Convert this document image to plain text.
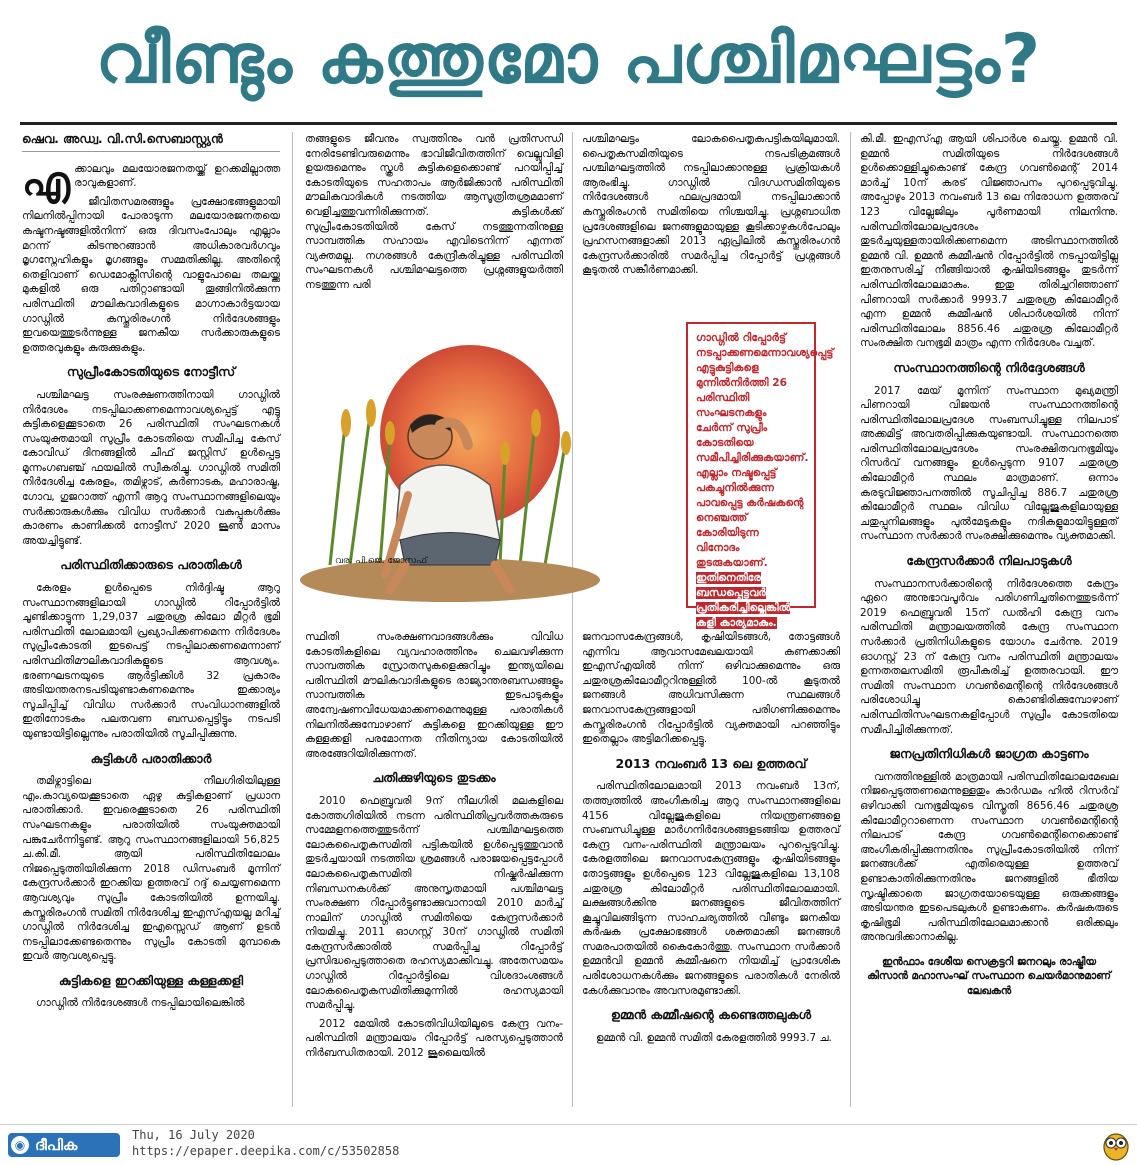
വീണ്ടും കത്തുമോ പശ്ചിമഘട്ടം?
ഷെവ. അഡ്വ. വി.സി.സെബാസ്റ്റ്യൻ
എ ക്കാലവും മലയോരജനതയ്ക്ക് ഉറക്കമില്ലാത്ത രാവുകളാണ്.

ജീവിതസമരങ്ങളും പ്രക്ഷോഭങ്ങളുമായി നിലനിൽപ്പിനായി പോരാടുന്ന മലയോരജനതയെ കഷ്ടനഷ്ടങ്ങളിൽനിന്ന് ഒരു ദിവസംപോലും എല്ലാം മറന്ന് കിടന്നുറങ്ങാൻ അധികാരവർഗവും മൃഗസ്നേഹികളും മൃഗങ്ങളും സമ്മതിക്കില്ല. അതിന്റെ തെളിവാണ് ഡെമോക്ലീസിന്റെ വാളുപോലെ തലയ്ക്കു മുകളിൽ ഒരു പതിറ്റാണ്ടായി തൂങ്ങിനിൽക്കുന്ന പരിസ്ഥിതി മൗലികവാദികളുടെ മാഗ്നാകാർട്ടയായ ഗാഡ്ഗിൽ കസ്തൂരിരംഗൻ നിർദേശങ്ങളും ഇവയെത്തുടർന്നുള്ള ജനകീയ സർക്കാരുകളുടെ ഉത്തരവുകളും കുരുക്കുകളും.

സുപ്രീംകോടതിയുടെ നോട്ടീസ്

പശ്ചിമഘട്ട സംരക്ഷണത്തിനായി ഗാഡ്ഗിൽ നിർദേശം നടപ്പിലാക്കണമെന്നാവശ്യപ്പെട്ട് എട്ടു കുട്ടികളെക്കൂടാതെ 26 പരിസ്ഥിതി സംഘടനകൾ സംയുക്തമായി സുപ്രീം കോടതിയെ സമീപിച്ച കേസ് കോവിഡ് ദിനങ്ങളിൽ ചീഫ് ജസ്റ്റിസ് ഉൾപ്പെട്ട മൂന്നംഗബഞ്ച് ഫയലിൽ സ്വീകരിച്ചു. ഗാഡ്ഗിൽ സമിതി നിർദേശിച്ച കേരളം, തമിഴ്നാട്, കർണാടക, മഹാരാഷ്ട്ര, ഗോവ, ഗുജറാത്ത് എന്നീ ആറു സംസ്ഥാനങ്ങളിലെയും സർക്കാരുകൾക്കും വിവിധ സർക്കാർ വകുപ്പുകൾക്കും കാരണം കാണിക്കൽ നോട്ടീസ് 2020 ജൂൺ മാസം അയച്ചിട്ടുണ്ട്.

പരിസ്ഥിതിക്കാരുടെ പരാതികൾ

കേരളം ഉൾപ്പെടെ നിർദ്ദിഷ്ട ആറു സംസ്ഥാനങ്ങളിലായി ഗാഡ്ഗിൽ റിപ്പോർട്ടിൽ ചൂണ്ടിക്കാട്ടുന്ന 1,29,037 ചതുരശ്ര കിലോ മീറ്റർ ഭൂമി പരിസ്ഥിതി ലോലമായി പ്രഖ്യാപിക്കണമെന്ന നിർദേശം സുപ്രീംകോടതി ഇടപെട്ട് നടപ്പിലാക്കണമെന്നാണ് പരിസ്ഥിതിമൗലികവാദികളുടെ ആവശ്യം. ഭരണഘടനയുടെ ആർട്ടിക്കിൾ 32 പ്രകാരം അടിയന്തരനടപടിയുണ്ടാകണമെന്നും ഇക്കാര്യം സൂചിപ്പിച്ച് വിവിധ സർക്കാർ സംവിധാനങ്ങളിൽ ഇതിനോടകം പലതവണ ബന്ധപ്പെട്ടിട്ടും നടപടി യുണ്ടായിട്ടില്ലെന്നും പരാതിയിൽ സൂചിപ്പിക്കുന്നു.

കുട്ടികൾ പരാതിക്കാർ

തമിഴ്നാട്ടിലെ നീലഗിരിയിലുള്ള എം.കാവ്യയെക്കൂടാതെ ഏഴു കുട്ടികളാണ് പ്രധാന പരാതിക്കാർ. ഇവരെക്കൂടാതെ 26 പരിസ്ഥിതി സംഘടനകളും പരാതിയിൽ സംയുക്തമായി പങ്കുചേർന്നിട്ടുണ്ട്. ആറു സംസ്ഥാനങ്ങളിലായി 56,825 ച.കി.മീ. ആയി പരിസ്ഥിതിലോലം നിജപ്പെടുത്തിയിരിക്കുന്ന 2018 ഡിസംബർ മൂന്നിന് കേന്ദ്രസർക്കാർ ഇറക്കിയ ഉത്തരവ് റദ്ദ് ചെയ്യണമെന്ന ആവശ്യവും സുപ്രീം കോടതിയിൽ ഉന്നയിച്ചു. കസ്തൂരിരംഗൻ സമിതി നിർദേശിച്ച ഇഎസ്എയല്ല മറിച്ച് ഗാഡ്ഗിൽ നിർദേശിച്ച ഇഎസ്സെഡ് ആണ് ഉടൻ നടപ്പിലാക്കേണ്ടതെന്നും സുപ്രീം കോടതി മുമ്പാകെ ഇവർ ആവശ്യപ്പെട്ടു.

കുട്ടികളെ ഇറക്കിയുള്ള കള്ളക്കളി

ഗാഡ്ഗിൽ നിർദേശങ്ങൾ നടപ്പിലായിലെങ്കിൽ

തങ്ങളുടെ ജീവനും സ്വത്തിനും വൻ പ്രതിസന്ധി നേരിടേണ്ടിവരുമെന്നും ഭാവിജീവിതത്തിന് വെല്ലുവിളി ഉയരുമെന്നും സ്കൂൾ കുട്ടികളെക്കൊണ്ട് പറയിപ്പിച്ച് കോടതിയുടെ സഹതാപം ആർജിക്കാൻ പരിസ്ഥിതി മൗലികവാദികൾ നടത്തിയ ആസൂത്രിതശ്രമമാണ് വെളിച്ചത്തുവന്നിരിക്കുന്നത്. കുട്ടികൾക്ക് സുപ്രീംകോടതിയിൽ കേസ് നടത്തുന്നതിനുള്ള സാമ്പത്തിക സഹായം എവിടെനിന്ന് എന്നത് വ്യക്തമല്ല. നഗരങ്ങൾ കേന്ദ്രീകരിച്ചുള്ള പരിസ്ഥിതി സംഘടനകൾ പശ്ചിമഘട്ടത്തെ പ്രശ്നങ്ങളുയർത്തി നടത്തുന്ന പരി

പശ്ചിമഘട്ടം ലോകപൈതൃകപട്ടികയിലുമായി. പൈതൃകസമിതിയുടെ നടപടിക്രമങ്ങൾ പശ്ചിമഘട്ടത്തിൽ നടപ്പിലാക്കാനുള്ള പ്രക്രിയകൾ ആരംഭിച്ചു. ഗാഡ്ഗിൽ വിദഗ്ധസമിതിയുടെ നിർദേശങ്ങൾ ഫലപ്രദമായി നടപ്പിലാക്കാൻ കസ്തൂരിരംഗൻ സമിതിയെ നിശ്ചയിച്ചു. പ്രശ്നബാധിത പ്രദേശങ്ങളിലെ ജനങ്ങളുമായുള്ള കൂടിക്കാഴ്ചകൾപോലും പ്രഹസനങ്ങളാക്കി 2013 ഏപ്രിലിൽ കസ്തൂരിരംഗൻ കേന്ദ്രസർക്കാരിൽ സമർപ്പിച്ച റിപ്പോർട്ട് പ്രശ്നങ്ങൾ കൂടുതൽ സങ്കീർണമാക്കി.

വര: പി.ജെ. ജോസഫ്
ഗാഡ്ഗിൽ റിപ്പോർട്ട് നടപ്പാക്കണമെന്നാവശ്യപ്പെട്ട് എട്ടുകുട്ടികളെ മുന്നിൽനിർത്തി 26 പരിസ്ഥിതി സംഘടനകളും ചേർന്ന് സുപ്രീം കോടതിയെ സമീപിച്ചിരിക്കുകയാണ്. എല്ലാം നഷ്ടപ്പെട്ട് പകച്ചുനിൽക്കുന്ന പാവപ്പെട്ട കർഷകന്റെ നെഞ്ചത്ത് കോരിയിടുന്ന വിനോദം തുടരുകയാണ്. ഇതിനെതിരേ ബന്ധപ്പെട്ടവർ പ്രതികരിച്ചില്ലെങ്കിൽ കളി കാര്യമാകും.

സ്ഥിതി സംരക്ഷണവാദങ്ങൾക്കും വിവിധ കോടതികളിലെ വ്യവഹാരത്തിനും ചെലവഴിക്കുന്ന സാമ്പത്തിക സ്രോതസുകളെക്കുറിച്ചും ഇന്ത്യയിലെ പരിസ്ഥിതി മൗലികവാദികളുടെ രാജ്യാന്തരബന്ധങ്ങളും സാമ്പത്തിക ഇടപാടുകളും അന്വേഷണവിധേയമാക്കണമെന്നുമുള്ള പരാതികൾ നിലനിൽക്കുമ്പോഴാണ് കുട്ടികളെ ഇറക്കിയുള്ള ഈ കള്ളക്കളി പരമോന്നത നീതിന്യായ കോടതിയിൽ അരങ്ങേറിയിരിക്കുന്നത്.

ചതിക്കുഴിയുടെ തുടക്കം

2010 ഫെബ്രുവരി 9ന് നീലഗിരി മലകളിലെ കോത്തഗിരിയിൽ നടന്ന പരിസ്ഥിതിപ്രവർത്തകരുടെ സമ്മേളനത്തെത്തുടർന്ന് പശ്ചിമഘട്ടത്തെ ലോകപൈതൃകസമിതി പട്ടികയിൽ ഉൾപ്പെടുത്തുവാൻ തുടർച്ചയായി നടത്തിയ ശ്രമങ്ങൾ പരാജയപ്പെട്ടപ്പോൾ ലോകപൈതൃകസമിതി നിഷ്കർഷിക്കുന്ന നിബന്ധനകൾക്ക് അനുസൃതമായി പശ്ചിമഘട്ട സംരക്ഷണ റിപ്പോർട്ടുണ്ടാക്കുവാനായി 2010 മാർച്ച് നാലിന് ഗാഡ്ഗിൽ സമിതിയെ കേന്ദ്രസർക്കാർ നിയമിച്ചു. 2011 ഓഗസ്റ്റ് 30ന് ഗാഡ്ഗിൽ സമിതി കേന്ദ്രസർക്കാരിൽ സമർപ്പിച്ച റിപ്പോർട്ട് പ്രസിദ്ധപ്പെടുത്താതെ രഹസ്യമാക്കിവച്ചു. അതേസമയം ഗാഡ്ഗിൽ റിപ്പോർട്ടിലെ വിശദാംശങ്ങൾ ലോകപൈതൃകസമിതിക്കുമുന്നിൽ രഹസ്യമായി സമർപ്പിച്ചു.

2012 മേയിൽ കോടതിവിധിയിലൂടെ കേന്ദ്ര വനം-പരിസ്ഥിതി മന്ത്രാലയം റിപ്പോർട്ട് പരസ്യപ്പെടുത്താൻ നിർബന്ധിതരായി. 2012 ജൂലൈയിൽ

ജനവാസകേന്ദ്രങ്ങൾ, കൃഷിയിടങ്ങൾ, തോട്ടങ്ങൾ എന്നിവ ആവാസമേഖലയായി കണക്കാക്കി ഇഎസ്എയിൽ നിന്ന് ഒഴിവാക്കുമെന്നും ഒരു ചതുരശ്രകിലോമീറ്ററിനുള്ളിൽ 100-ൽ കൂടുതൽ ജനങ്ങൾ അധിവസിക്കുന്ന സ്ഥലങ്ങൾ ജനവാസകേന്ദ്രങ്ങളായി പരിഗണിക്കുമെന്നും കസ്തൂരിരംഗൻ റിപ്പോർട്ടിൽ വ്യക്തമായി പറഞ്ഞിട്ടും ഇതെല്ലാം അട്ടിമറിക്കപ്പെട്ടു.

2013 നവംബർ 13 ലെ ഉത്തരവ്

പരിസ്ഥിതിലോലമായി 2013 നവംബർ 13ന്, തത്ത്വത്തിൽ അംഗീകരിച്ച ആറു സംസ്ഥാനങ്ങളിലെ 4156 വില്ലേജുകളിലെ നിയന്ത്രണങ്ങളെ സംബന്ധിച്ചുള്ള മാർഗനിർദേശങ്ങളടങ്ങിയ ഉത്തരവ് കേന്ദ്ര വനം-പരിസ്ഥിതി മന്ത്രാലയം പുറപ്പെടുവിച്ചു. കേരളത്തിലെ ജനവാസകേന്ദ്രങ്ങളും കൃഷിയിടങ്ങളും തോട്ടങ്ങളും ഉൾപ്പെടെ 123 വില്ലേജുകളിലെ 13,108 ചതുരശ്ര കിലോമീറ്റർ പരിസ്ഥിതിലോലമായി. ലക്ഷങ്ങൾക്കിനു ജനങ്ങളുടെ ജീവിതത്തിന് കൂച്ചുവിലങ്ങിടുന്ന സാഹചര്യത്തിൽ വീണ്ടും ജനകീയ കർഷക പ്രക്ഷോഭങ്ങൾ ശക്തമാക്കി ജനങ്ങൾ സമരപാതയിൽ കൈകോർത്തു. സംസ്ഥാന സർക്കാർ ഉമ്മൻവി ഉമ്മൻ കമ്മീഷനെ നിയമിച്ച് പ്രാദേശിക പരിശോധനകൾക്കും ജനങ്ങളുടെ പരാതികൾ നേരിൽ കേൾക്കുവാനും അവസരമുണ്ടാക്കി.

ഉമ്മൻ കമ്മീഷന്റെ കണ്ടെത്തലുകൾ

ഉമ്മൻ വി. ഉമ്മൻ സമിതി കേരളത്തിൽ 9993.7 ച.

കി.മീ. ഇഎസ്എ ആയി ശിപാർശ ചെയ്തു. ഉമ്മൻ വി. ഉമ്മൻ സമിതിയുടെ നിർദേശങ്ങൾ ഉൾക്കൊള്ളിച്ചുകൊണ്ട് കേന്ദ്ര ഗവൺമെന്റ് 2014 മാർച്ച് 10ന് കരട് വിജ്ഞാപനം പുറപ്പെടുവിച്ചു. അപ്പോഴും 2013 നവംബർ 13 ലെ നിരോധന ഉത്തരവ് 123 വില്ലേജിലും പൂർണമായി നിലനിന്നു. പരിസ്ഥിതിലോലപ്രദേശം തുടർച്ചയുള്ളതായിരിക്കണമെന്ന അടിസ്ഥാനത്തിൽ ഉമ്മൻ വി. ഉമ്മൻ കമ്മീഷൻ റിപ്പോർട്ടിൽ നടപ്പായിട്ടില്ല ഇതനുസരിച്ച് നീങ്ങിയാൽ കൃഷിയിടങ്ങളും തുടർന്ന് പരിസ്ഥിതിലോലമാകും. ഇതു തിരിച്ചറിഞ്ഞാണ് പിണറായി സർക്കാർ 9993.7 ചതുരശ്ര കിലോമീറ്റർ എന്ന ഉമ്മൻ കമ്മീഷൻ ശിപാർശയിൽ നിന്ന് പരിസ്ഥിതിലോലം 8856.46 ചതുരശ്ര കിലോമീറ്റർ സംരക്ഷിത വനഭൂമി മാത്രം എന്ന നിർദേശം വച്ചത്.

സംസ്ഥാനത്തിന്റെ നിർദ്ദേശങ്ങൾ

2017 മേയ് മൂന്നിന് സംസ്ഥാന മുഖ്യമന്ത്രി പിണറായി വിജയൻ സംസ്ഥാനത്തിന്റെ പരിസ്ഥിതിലോലപ്രദേശ സംബന്ധിച്ചുള്ള നിലപാട് അക്കമിട്ട് അവതരിപ്പിക്കുകയുണ്ടായി. സംസ്ഥാനത്തെ പരിസ്ഥിതിലോലപ്രദേശം സംരക്ഷിതവനഭൂമിയും റിസർവ് വനങ്ങളും ഉൾപ്പെടുന്ന 9107 ചതുരശ്ര കിലോമീറ്റർ സ്ഥലം മാത്രമാണ്. ഒന്നാം കരടുവിജ്ഞാപനത്തിൽ സൂചിപ്പിച്ച 886.7 ചതുരശ്ര കിലോമീറ്റർ സ്ഥലം വിവിധ വില്ലേജുകളിലായുള്ള ചതുപ്പുനിലങ്ങളും പുൽമേടുകളും നദികളുമായിട്ടുള്ളത് സംസ്ഥാന സർക്കാർ സംരക്ഷിക്കുമെന്നും വ്യക്തമാക്കി.

കേന്ദ്രസർക്കാർ നിലപാടുകൾ

സംസ്ഥാനസർക്കാരിന്റെ നിർദേശത്തെ കേന്ദ്രം ഏറെ അനുഭാവപൂർവം പരിഗണിച്ചതിനെത്തുടർന്ന് 2019 ഫെബ്രുവരി 15ന് ഡൽഹി കേന്ദ്ര വനം പരിസ്ഥിതി മന്ത്രാലയത്തിൽ കേന്ദ്ര സംസ്ഥാന സർക്കാർ പ്രതിനിധികളുടെ യോഗം ചേർന്നു. 2019 ഓഗസ്റ്റ് 23 ന് കേന്ദ്ര വനം പരിസ്ഥിതി മന്ത്രാലയം ഉന്നതതലസമിതി രൂപീകരിച്ച് ഉത്തരവായി. ഈ സമിതി സംസ്ഥാന ഗവൺമെന്റിന്റെ നിർദേശങ്ങൾ പരിശോധിച്ചു കൊണ്ടിരിക്കുമ്പോഴാണ് പരിസ്ഥിതിസംഘടനകളിപ്പോൾ സുപ്രീം കോടതിയെ സമീപിച്ചിരിക്കുന്നത്.

ജനപ്രതിനിധികൾ ജാഗ്രത കാട്ടണം

വനത്തിനുള്ളിൽ മാത്രമായി പരിസ്ഥിതിലോലമേഖല നിജപ്പെടുത്തണമെന്നുള്ളതും കാർഡമം ഹിൽ റിസർവ് ഒഴിവാക്കി വനഭൂമിയുടെ വിസ്തൃതി 8656.46 ചതുരശ്ര കിലോമീറ്ററാണെന്ന സംസ്ഥാന ഗവൺമെന്റിന്റെ നിലപാട് കേന്ദ്ര ഗവൺമെന്റിനെക്കൊണ്ട് അംഗീകരിപ്പിക്കുന്നതിനും സുപ്രീംകോടതിയിൽ നിന്ന് ജനങ്ങൾക്ക് എതിരെയുള്ള ഉത്തരവ് ഉണ്ടാകാതിരിക്കുന്നതിനും ജനങ്ങളിൽ ഭീതിയ സൃഷ്ടിക്കാതെ ജാഗ്രതയോടെയുള്ള ഒരുക്കങ്ങളും അടിയന്തര ഇടപെടലുകൾ ഉണ്ടാകണം. കർഷകരുടെ കൃഷിഭൂമി പരിസ്ഥിതിലോലമാക്കാൻ ഒരിക്കലും അനുവദിക്കാനാകില്ല.

ഇൻഫാം ദേശീയ സെക്രട്ടറി ജനറലും രാഷ്ട്രീയ കിസാൻ മഹാസംഘ് സംസ്ഥാന ചെയർമാനുമാണ് ലേഖകൻ
◉ ദീപിക
Thu, 16 July 2020
https://epaper.deepika.com/c/53502858
